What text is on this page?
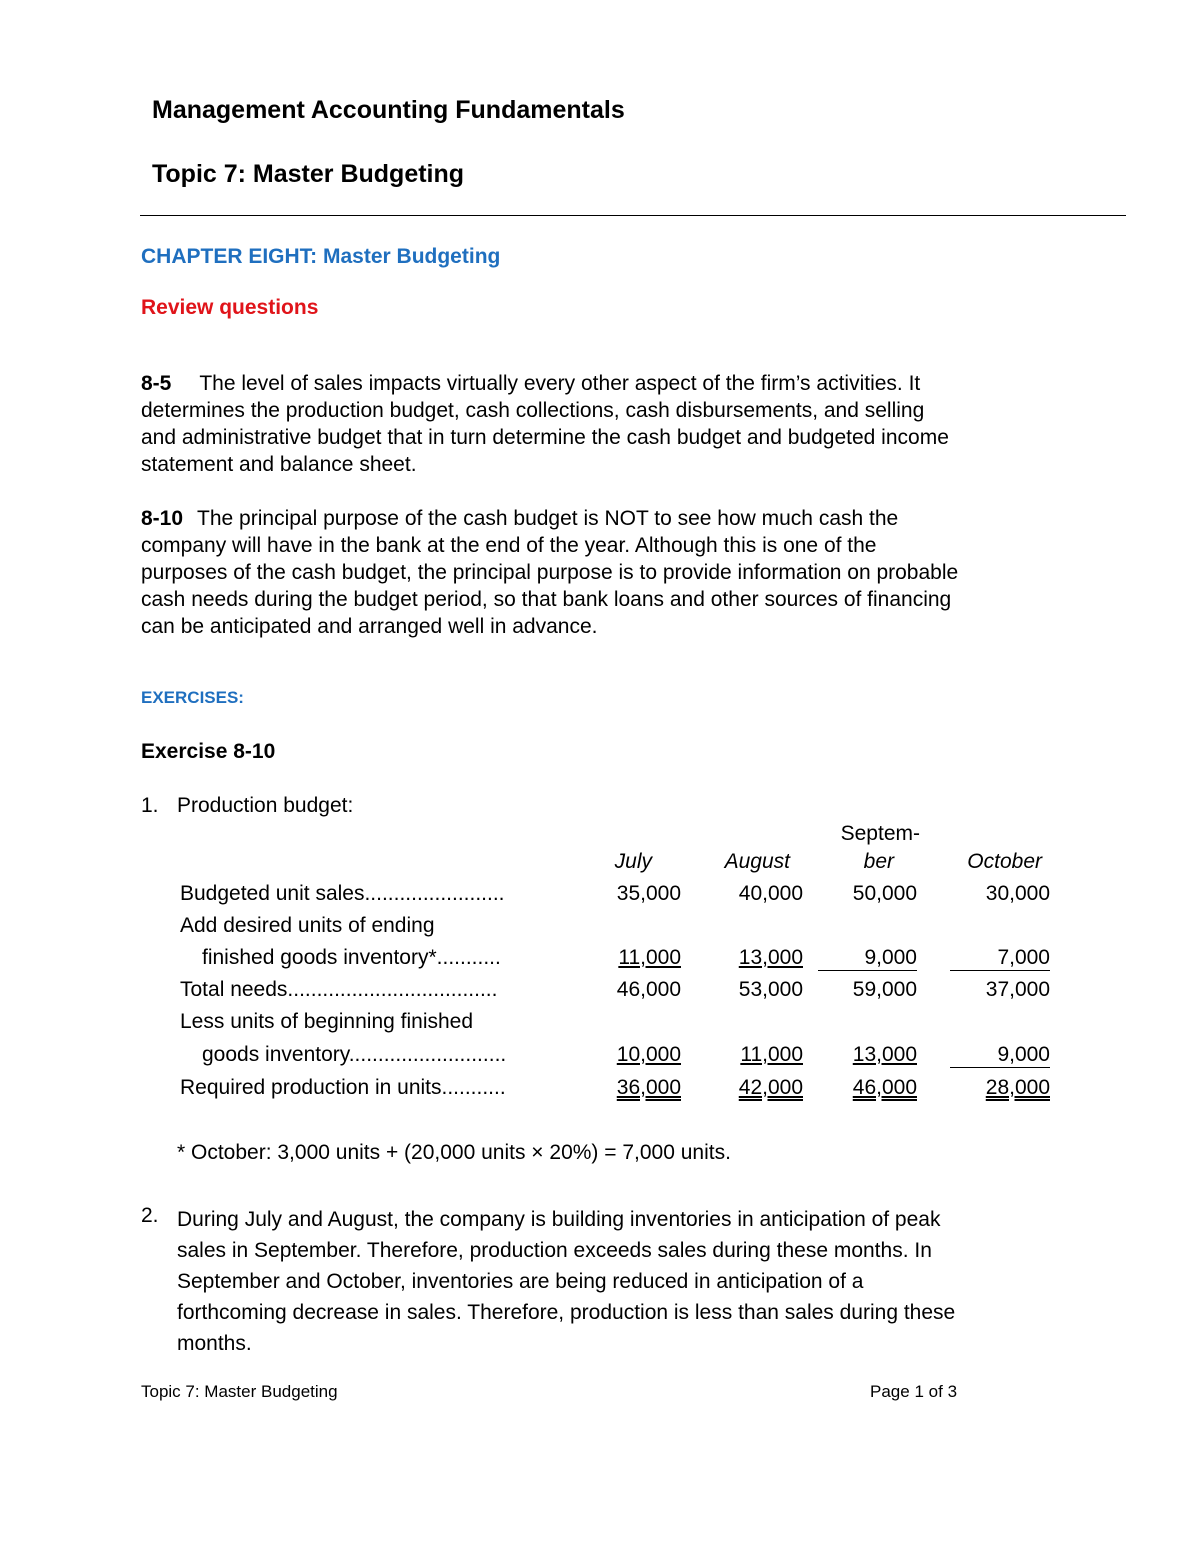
Management Accounting Fundamentals
Topic 7: Master Budgeting
CHAPTER EIGHT: Master Budgeting
Review questions
8-5 The level of sales impacts virtually every other aspect of the firm’s activities. It
determines the production budget, cash collections, cash disbursements, and selling
and administrative budget that in turn determine the cash budget and budgeted income
statement and balance sheet.
8-10 The principal purpose of the cash budget is NOT to see how much cash the
company will have in the bank at the end of the year. Although this is one of the
purposes of the cash budget, the principal purpose is to provide information on probable
cash needs during the budget period, so that bank loans and other sources of financing
can be anticipated and arranged well in advance.
EXERCISES:
Exercise 8-10
1. Production budget:
July	August
Septem-
ber	October
Budgeted unit sales........................	35,000	40,000	50,000	30,000
Add desired units of ending
finished goods inventory*...........	11,000	13,000	9,000	7,000
Total needs....................................	46,000	53,000	59,000	37,000
Less units of beginning finished
goods inventory...........................	10,000	11,000	13,000	9,000
Required production in units...........	36,000	42,000	46,000	28,000
* October: 3,000 units + (20,000 units × 20%) = 7,000 units.
2. During July and August, the company is building inventories in anticipation of peak
sales in September. Therefore, production exceeds sales during these months. In
September and October, inventories are being reduced in anticipation of a
forthcoming decrease in sales. Therefore, production is less than sales during these
months.
Topic 7: Master Budgeting	Page 1 of 3
